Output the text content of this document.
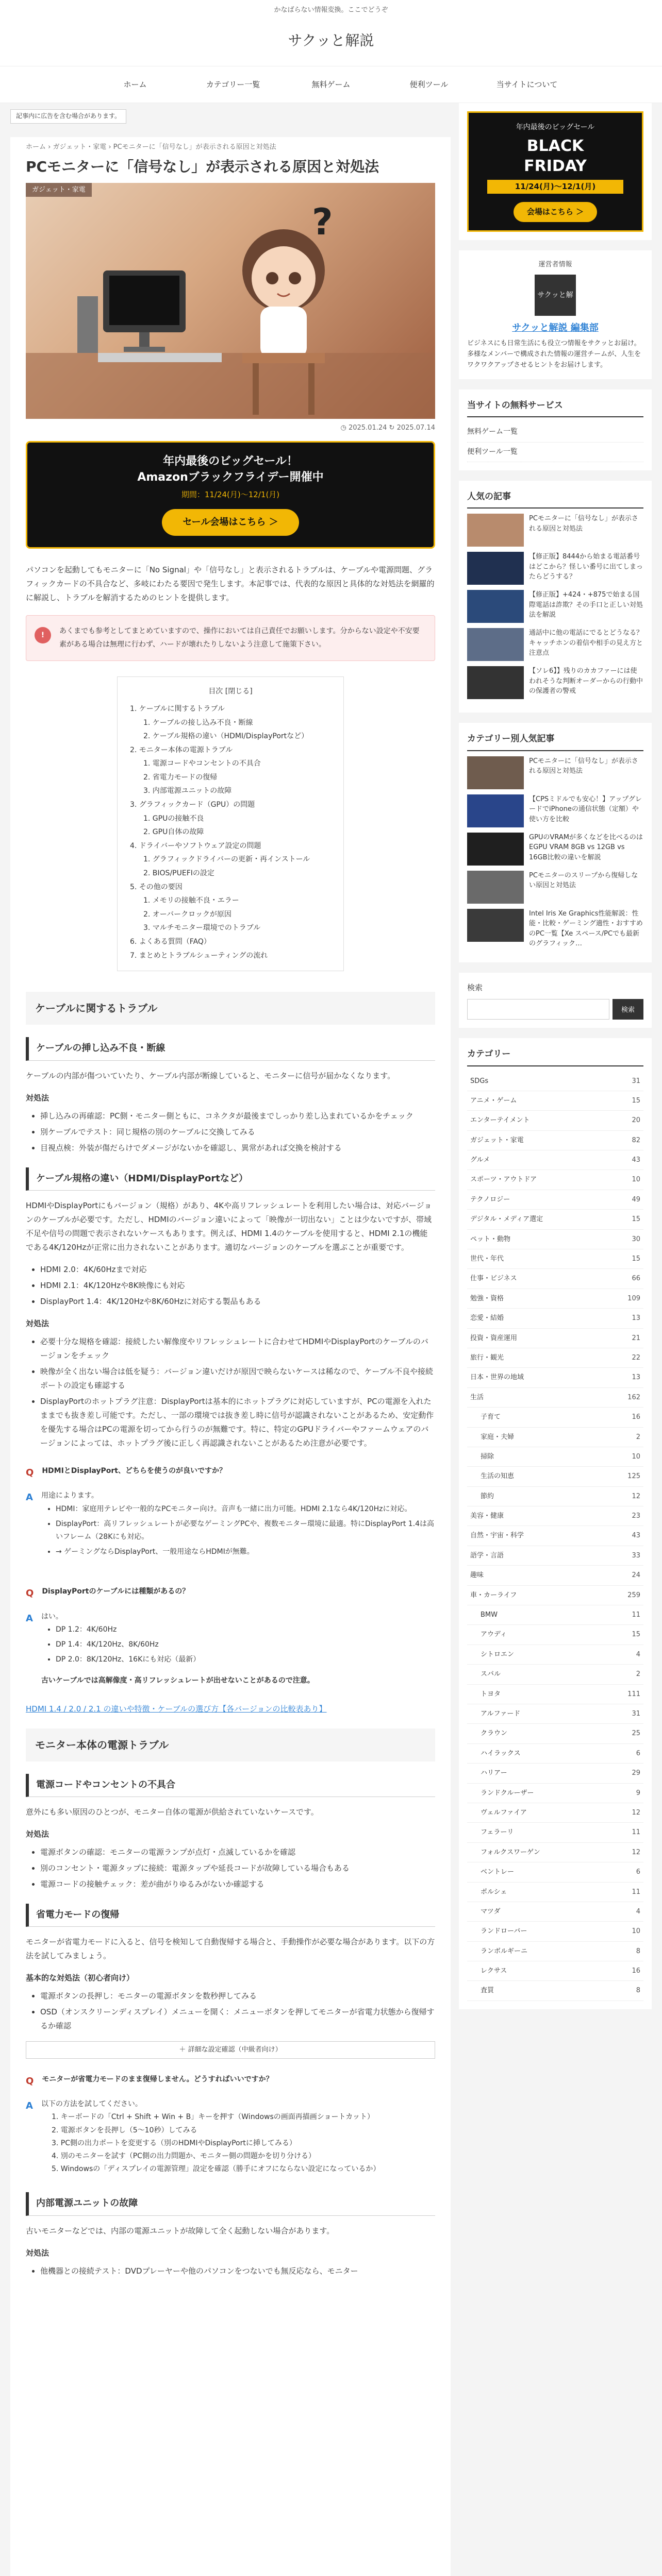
かなばらない情報変換。ここでどうぞ
サクッと解説
ホーム	カテゴリー一覧	無料ゲーム	便利ツール	当サイトについて
記事内に広告を含む場合があります。
ホーム › ガジェット・家電 › PCモニターに「信号なし」が表示される原因と対処法
PCモニターに「信号なし」が表示される原因と対処法
ガジェット・家電
?
◷ 2025.01.24 ↻ 2025.07.14
年内最後のビッグセール！
Amazonブラックフライデー開催中
期間：11/24(月)〜12/1(月)
セール会場はこちら ＞

パソコンを起動してもモニターに「No Signal」や「信号なし」と表示されるトラブルは、ケーブルや電源問題、グラフィックカードの不具合など、多岐にわたる要因で発生します。本記事では、代表的な原因と具体的な対処法を網羅的に解説し、トラブルを解消するためのヒントを提供します。

!	あくまでも参考としてまとめていますので、操作においては自己責任でお願いします。分からない設定や不安要素がある場合は無理に行わず、ハードが壊れたりしないよう注意して施策下さい。
目次 [閉じる]
1. ケーブルに関するトラブル
1. ケーブルの接し込み不良・断線
2. ケーブル規格の違い（HDMI/DisplayPortなど）
2. モニター本体の電源トラブル
1. 電源コードやコンセントの不具合
2. 省電力モードの復帰
3. 内部電源ユニットの故障
3. グラフィックカード（GPU）の問題
1. GPUの接触不良
2. GPU自体の故障
4. ドライバーやソフトウェア設定の問題
1. グラフィックドライバーの更新・再インストール
2. BIOS/PUEFIの設定
5. その他の要因
1. メモリの接触不良・エラー
2. オーバークロックが原因
3. マルチモニター環境でのトラブル
6. よくある質問（FAQ）
7. まとめとトラブルシューティングの流れ
ケーブルに関するトラブル
ケーブルの挿し込み不良・断線

ケーブルの内部が傷ついていたり、ケーブル内部が断線していると、モニターに信号が届かなくなります。

対処法
• 挿し込みの再確認：PC側・モニター側ともに、コネクタが最後までしっかり差し込まれているかをチェック
• 別ケーブルでテスト：同じ規格の別のケーブルに交換してみる
• 目視点検：外装が傷だらけでダメージがないかを確認し、異常があれば交換を検討する
ケーブル規格の違い（HDMI/DisplayPortなど）

HDMIやDisplayPortにもバージョン（規格）があり、4Kや高リフレッシュレートを利用したい場合は、対応バージョンのケーブルが必要です。ただし、HDMIのバージョン違いによって「映像が一切出ない」ことは少ないですが、帯域不足や信号の問題で表示されないケースもあります。例えば、HDMI 1.4のケーブルを使用すると、HDMI 2.1の機能である4K/120Hzが正常に出力されないことがあります。適切なバージョンのケーブルを選ぶことが重要です。

• HDMI 2.0：4K/60Hzまで対応
• HDMI 2.1：4K/120Hzや8K映像にも対応
• DisplayPort 1.4：4K/120Hzや8K/60Hzに対応する製品もある
対処法
• 必要十分な規格を確認：接続したい解像度やリフレッシュレートに合わせてHDMIやDisplayPortのケーブルのバージョンをチェック
• 映像が全く出ない場合は低を疑う：バージョン違いだけが原因で映らないケースは稀なので、ケーブル不良や接続ポートの設定も確認する
• DisplayPortのホットプラグ注意：DisplayPortは基本的にホットプラグに対応していますが、PCの電源を入れたままでも抜き差し可能です。ただし、一部の環境では抜き差し時に信号が認識されないことがあるため、安定動作を優先する場合はPCの電源を切ってから行うのが無難です。特に、特定のGPUドライバーやファームウェアのバージョンによっては、ホットプラグ後に正しく再認識されないことがあるため注意が必要です。
Q HDMIとDisplayPort、どちらを使うのが良いですか？
A 用途によります。
• HDMI：家庭用テレビや一般的なPCモニター向け。音声も一緒に出力可能。HDMI 2.1なら4K/120Hzに対応。
• DisplayPort：高リフレッシュレートが必要なゲーミングPCや、複数モニター環境に最適。特にDisplayPort 1.4は高いフレーム（28Kにも対応。
• → ゲーミングならDisplayPort、一般用途ならHDMIが無難。
Q DisplayPortのケーブルには種類があるの？
A はい。
• DP 1.2：4K/60Hz
• DP 1.4：4K/120Hz、8K/60Hz
• DP 2.0：8K/120Hz、16Kにも対応（最新）
古いケーブルでは高解像度・高リフレッシュレートが出せないことがあるので注意。
HDMI 1.4 / 2.0 / 2.1 の違いや特徴・ケーブルの選び方【各バージョンの比較表あり】
モニター本体の電源トラブル
電源コードやコンセントの不具合

意外にも多い原因のひとつが、モニター自体の電源が供給されていないケースです。

対処法
• 電源ボタンの確認：モニターの電源ランプが点灯・点滅しているかを確認
• 別のコンセント・電源タップに接続：電源タップや延長コードが故障している場合もある
• 電源コードの接触チェック：差が曲がりゆるみがないか確認する
省電力モードの復帰

モニターが省電力モードに入ると、信号を検知して自動復帰する場合と、手動操作が必要な場合があります。以下の方法を試してみましょう。

基本的な対処法（初心者向け）
• 電源ボタンの長押し：モニターの電源ボタンを数秒押してみる
• OSD（オンスクリーンディスプレイ）メニューを開く：メニューボタンを押してモニターが省電力状態から復帰するか確認
＋ 詳細な設定確認（中級者向け）
Q モニターが省電力モードのまま復帰しません。どうすればいいですか？
A 以下の方法を試してください。
1. キーボードの「Ctrl + Shift + Win + B」キーを押す（Windowsの画面再描画ショートカット）
2. 電源ボタンを長押し（5〜10秒）してみる
3. PC側の出力ポートを変更する（別のHDMIやDisplayPortに挿してみる）
4. 別のモニターを試す（PC側の出力問題か、モニター側の問題かを切り分ける）
5. Windowsの「ディスプレイの電源管理」設定を確認（勝手にオフにならない設定になっているか）
内部電源ユニットの故障

古いモニターなどでは、内部の電源ユニットが故障して全く起動しない場合があります。

対処法
• 他機器との接続テスト：DVDプレーヤーや他のパソコンをつないでも無反応なら、モニター
年内最後のビッグセール
BLACK
FRIDAY
11/24(月)〜12/1(月)
会場はこちら ＞
運営者情報
サクッと解説
サクッと解説 編集部
ビジネスにも日常生活にも役立つ情報をサクッとお届け。多様なメンバーで構成された情報の運営チームが、人生をワクワクアップさせるヒントをお届けします。
当サイトの無料サービス
無料ゲーム一覧
便利ツール一覧
人気の記事
PCモニターに「信号なし」が表示される原因と対処法
【修正版】8444から始まる電話番号はどこから？怪しい番号に出てしまったらどうする？
【修正版】+424・+875で始まる国際電話は詐欺？その手口と正しい対処法を解説
通話中に他の電話にでるとどうなる？キャッチホンの着信や相手の見え方と注意点
【ソレ6】】残りのカカファーには使われそうな判断オーダーからの行動中の保護者の警戒
カテゴリー別人気記事
PCモニターに「信号なし」が表示される原因と対処法
【CPSミドルでも安心！】アップグレードでiPhoneの通信状態（定額）や使い方を比較
GPUのVRAMが多くなどを比べるのはEGPU VRAM 8GB vs 12GB vs 16GB比較の違いを解説
PCモニターのスリープから復帰しない原因と対処法
Intel Iris Xe Graphics性能解説：性能・比較・ゲーミング適性・おすすめのPC一覧【Xe スペース/PCでも最新のグラフィック…
検索
検索
カテゴリー
SDGs	31
アニメ・ゲーム	15
エンターテイメント	20
ガジェット・家電	82
グルメ	43
スポーツ・アウトドア	10
テクノロジー	49
デジタル・メディア選定	15
ペット・動物	30
世代・年代	15
仕事・ビジネス	66
勉強・資格	109
恋愛・結婚	13
投資・資産運用	21
旅行・観光	22
日本・世界の地域	13
生活	162
子育て	16
家庭・夫婦	2
掃除	10
生活の知恵	125
節約	12
美容・健康	23
自然・宇宙・科学	43
語学・言語	33
趣味	24
車・カーライフ	259
BMW	11
アウディ	15
シトロエン	4
スバル	2
トヨタ	111
アルファード	31
クラウン	25
ハイラックス	6
ハリアー	29
ランドクルーザー	9
ヴェルファイア	12
フェラーリ	11
フォルクスワーゲン	12
ベントレー	6
ポルシェ	11
マツダ	4
ランドローバー	10
ランボルギーニ	8
レクサス	16
査買	8
